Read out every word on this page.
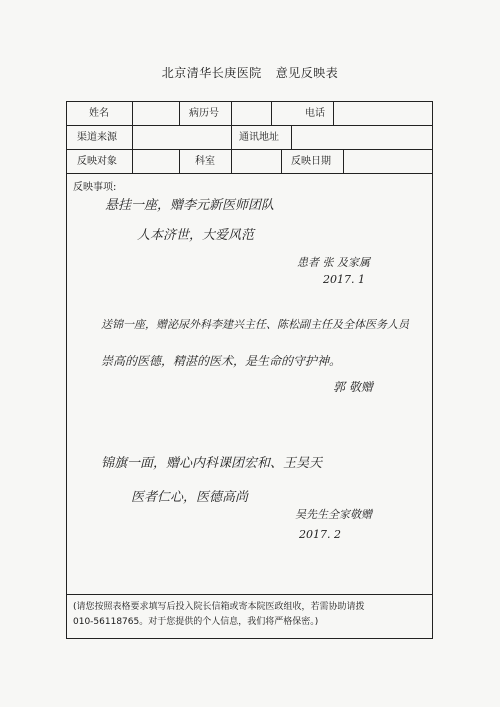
北京清华长庚医院 意见反映表
姓名	病历号	电话
渠道来源	通讯地址
反映对象	科室	反映日期
反映事项:
悬挂一座，赠李元新医师团队
人本济世，大爱风范
患者 张 及家属
2017. 1
送锦一座，赠泌尿外科李建兴主任、陈松副主任及全体医务人员
崇高的医德，精湛的医术，是生命的守护神。
郭 敬赠
锦旗一面，赠心内科课团宏和、王吴天
医者仁心，医德高尚
吴先生全家敬赠
2017. 2
(请您按照表格要求填写后投入院长信箱或寄本院医政组收，若需协助请拨
010-56118765。对于您提供的个人信息，我们将严格保密。)
